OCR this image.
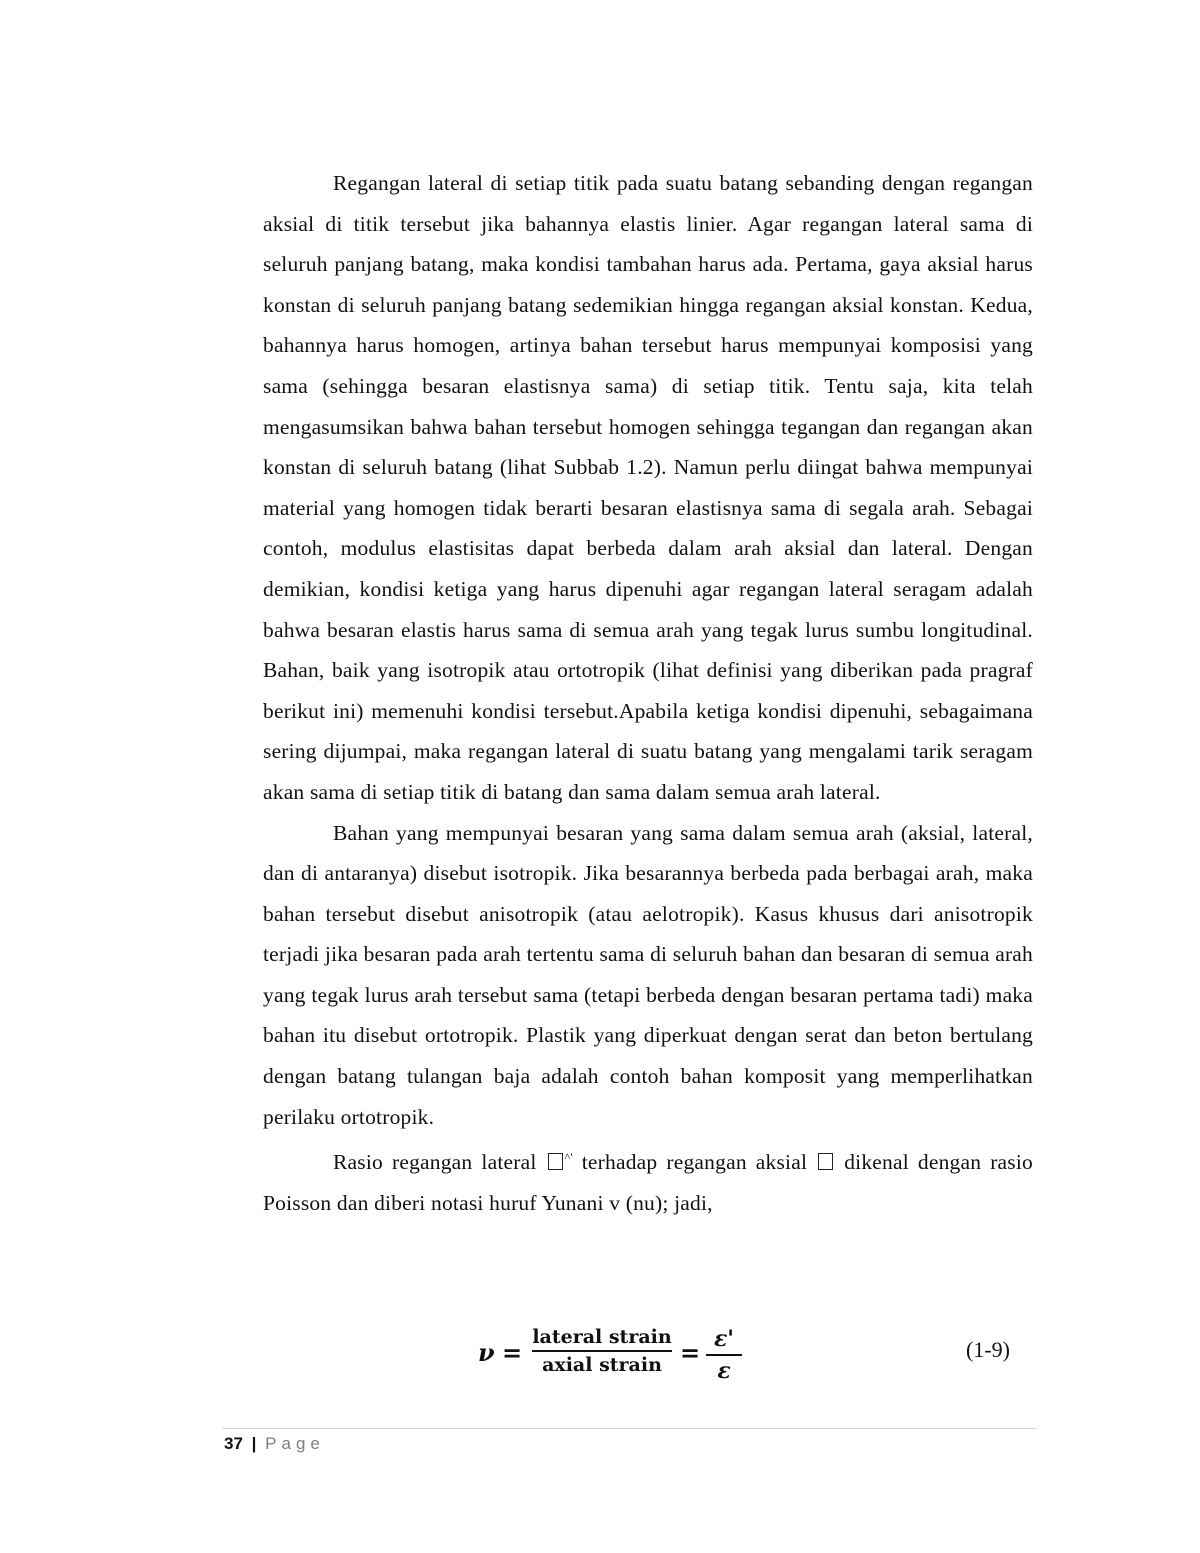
Regangan lateral di setiap titik pada suatu batang sebanding dengan regangan aksial di titik tersebut jika bahannya elastis linier. Agar regangan lateral sama di seluruh panjang batang, maka kondisi tambahan harus ada. Pertama, gaya aksial harus konstan di seluruh panjang batang sedemikian hingga regangan aksial konstan. Kedua, bahannya harus homogen, artinya bahan tersebut harus mempunyai komposisi yang sama (sehingga besaran elastisnya sama) di setiap titik. Tentu saja, kita telah mengasumsikan bahwa bahan tersebut homogen sehingga tegangan dan regangan akan konstan di seluruh batang (lihat Subbab 1.2). Namun perlu diingat bahwa mempunyai material yang homogen tidak berarti besaran elastisnya sama di segala arah. Sebagai contoh, modulus elastisitas dapat berbeda dalam arah aksial dan lateral. Dengan demikian, kondisi ketiga yang harus dipenuhi agar regangan lateral seragam adalah bahwa besaran elastis harus sama di semua arah yang tegak lurus sumbu longitudinal. Bahan, baik yang isotropik atau ortotropik (lihat definisi yang diberikan pada pragraf berikut ini) memenuhi kondisi tersebut.Apabila ketiga kondisi dipenuhi, sebagaimana sering dijumpai, maka regangan lateral di suatu batang yang mengalami tarik seragam akan sama di setiap titik di batang dan sama dalam semua arah lateral.

Bahan yang mempunyai besaran yang sama dalam semua arah (aksial, lateral, dan di antaranya) disebut isotropik. Jika besarannya berbeda pada berbagai arah, maka bahan tersebut disebut anisotropik (atau aelotropik). Kasus khusus dari anisotropik terjadi jika besaran pada arah tertentu sama di seluruh bahan dan besaran di semua arah yang tegak lurus arah tersebut sama (tetapi berbeda dengan besaran pertama tadi) maka bahan itu disebut ortotropik. Plastik yang diperkuat dengan serat dan beton bertulang dengan batang tulangan baja adalah contoh bahan komposit yang memperlihatkan perilaku ortotropik.

Rasio regangan lateral ^' terhadap regangan aksial  dikenal dengan rasio Poisson dan diberi notasi huruf Yunani v (nu); jadi,

ν =
lateral strain
axial strain = ε'
ε
(1-9)
37 | Page
